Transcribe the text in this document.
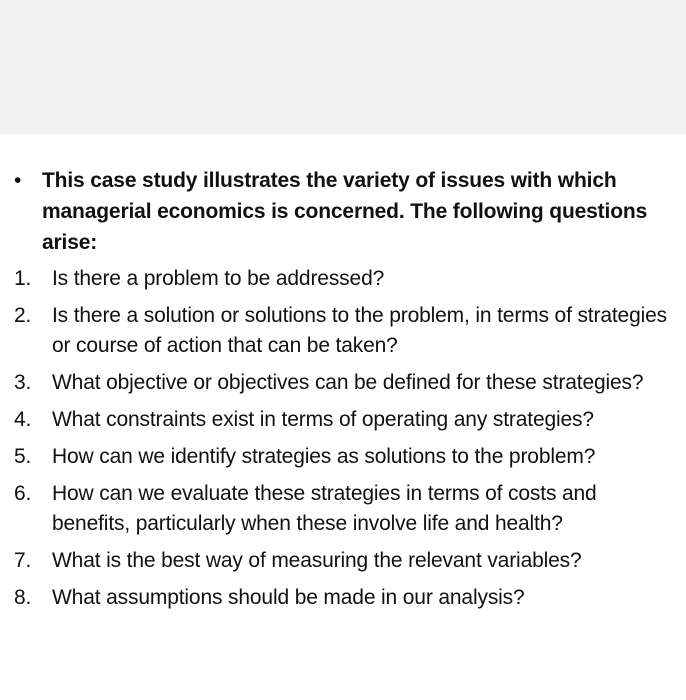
• This case study illustrates the variety of issues with which managerial economics is concerned. The following questions arise:
1. Is there a problem to be addressed?
2. Is there a solution or solutions to the problem, in terms of strategies or course of action that can be taken?
3. What objective or objectives can be defined for these strategies?
4. What constraints exist in terms of operating any strategies?
5. How can we identify strategies as solutions to the problem?
6. How can we evaluate these strategies in terms of costs and benefits, particularly when these involve life and health?
7. What is the best way of measuring the relevant variables?
8. What assumptions should be made in our analysis?
